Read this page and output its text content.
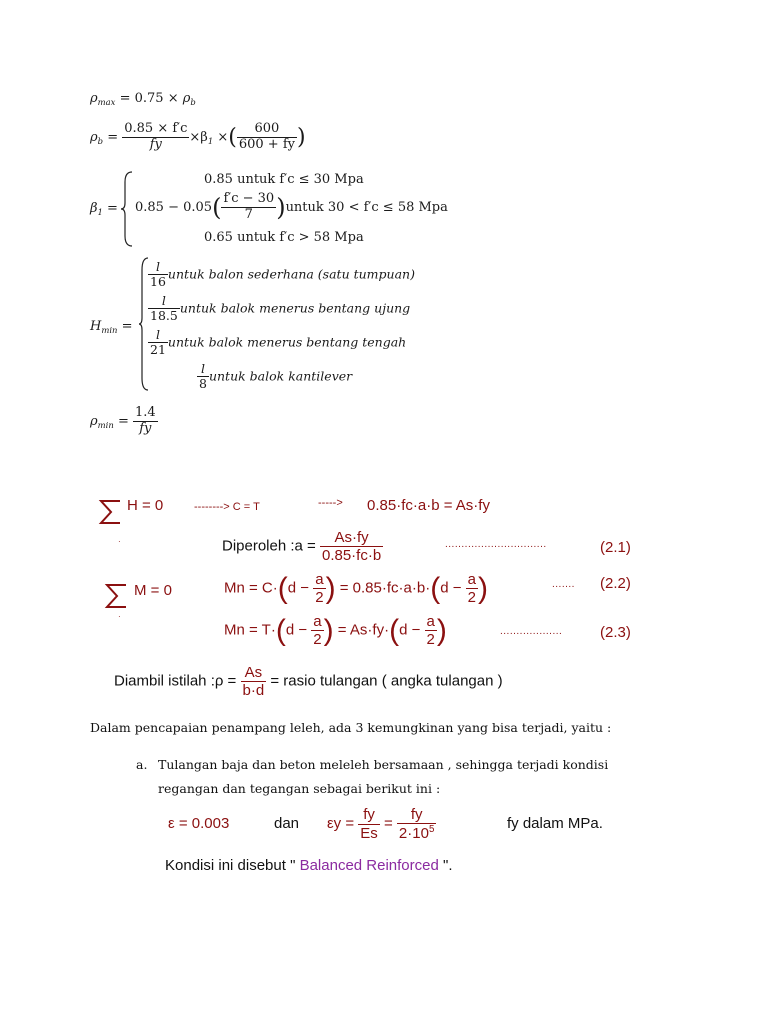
$\rho_{max} = 0.75 \times \rho_b$
$\rho_b = \frac{0.85 \times f'c}{fy} \times\beta_1$ ×( $\frac{600}{600 + fy}$ )
$\beta_1$ =
0.85 untuk f′c ≤ 30 Mpa
$0.85 - 0.05( \frac{f'c - 30}{7}$ )untuk 30 < f′c ≤ 58 Mpa
0.65 untuk f′c > 58 Mpa
$H_{min}$ =
$\frac{l}{16}$ untuk balon sederhana (satu tumpuan)
$\frac{l}{18.5}$ untuk balok menerus bentang ujung
$\frac{l}{21}$ untuk balok menerus bentang tengah
$\frac{l}{8}$ untuk balok kantilever
$\rho_{min} = \frac{1.4}{fy}$
·
H = 0	--------> C = T	-----> 0.85·fc·a·b = As·fy
Diperoleh :a = $\frac{As\cdot fy}{0.85\cdot fc\cdot b}$	...............................	(2.1)
·
M = 0	$Mn = C\cdot(d - \frac{a}{2}$ ) = $0.85\cdot fc\cdot a\cdot b\cdot(d - \frac{a}{2}$ )	....... (2.2)
$Mn = T\cdot(d - \frac{a}{2}$ ) = $As\cdot fy\cdot(d - \frac{a}{2}$ )	...................	(2.3)
Diambil istilah :ρ = $\frac{As}{b\cdot d}$ = rasio tulangan ( angka tulangan )
Dalam pencapaian penampang leleh, ada 3 kemungkinan yang bisa terjadi, yaitu :
a. Tulangan baja dan beton meleleh bersamaan , sehingga terjadi kondisi
regangan dan tegangan sebagai berikut ini :
ε = 0.003	dan $\varepsilon y = \frac{fy}{Es} = \frac{fy}{2\cdot 10^5}$	fy dalam MPa.
Kondisi ini disebut " Balanced Reinforced ".
